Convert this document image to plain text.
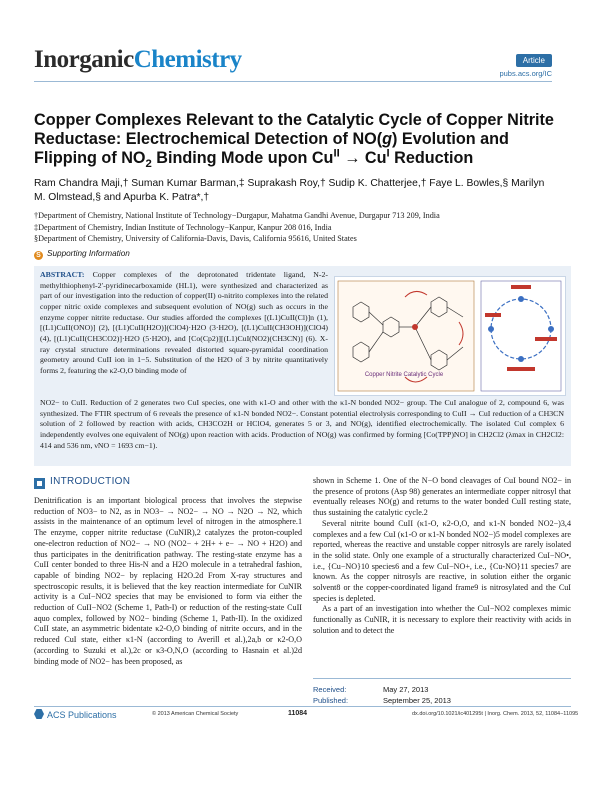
InorganicChemistry	Article
pubs.acs.org/IC
Copper Complexes Relevant to the Catalytic Cycle of Copper Nitrite Reductase: Electrochemical Detection of NO(g) Evolution and Flipping of $NO_2$ Binding Mode upon $Cu^{II} \to Cu^I$ Reduction
Ram Chandra Maji,† Suman Kumar Barman,‡ Suprakash Roy,† Sudip K. Chatterjee,† Faye L. Bowles,§ Marilyn M. Olmstead,§ and Apurba K. Patra*,†
†Department of Chemistry, National Institute of Technology−Durgapur, Mahatma Gandhi Avenue, Durgapur 713 209, India
‡Department of Chemistry, Indian Institute of Technology−Kanpur, Kanpur 208 016, India
§Department of Chemistry, University of California-Davis, Davis, California 95616, United States
S Supporting Information
ABSTRACT: Copper complexes of the deprotonated tridentate ligand, N-2-methylthiophenyl-2′-pyridinecarboxamide (HL1), were synthesized and characterized as part of our investigation into the reduction of copper(II) o-nitrito complexes into the related copper nitric oxide complexes and subsequent evolution of NO(g) such as occurs in the enzyme copper nitrite reductase. Our studies afforded the complexes [(L1)CuII(Cl)]n (1), [(L1)CuII(ONO)] (2), [(L1)CuII(H2O)](ClO4)·H2O (3·H2O), [(L1)CuII(CH3OH)](ClO4) (4), [(L1)CuII(CH3CO2)]·H2O (5·H2O), and [Co(Cp2)][(L1)CuI(NO2)(CH3CN)] (6). X-ray crystal structure determinations revealed distorted square-pyramidal coordination geometry around CuII ion in 1−5. Substitution of the H2O of 3 by nitrite quantitatively forms 2, featuring the κ2-O,O binding mode of
Copper Nitrite Catalytic Cycle
NO2− to CuII. Reduction of 2 generates two CuI species, one with κ1-O and other with the κ1-N bonded NO2− group. The CuI analogue of 2, compound 6, was synthesized. The FTIR spectrum of 6 reveals the presence of κ1-N bonded NO2−. Constant potential electrolysis corresponding to CuII → CuI reduction of a CH3CN solution of 2 followed by reaction with acids, CH3CO2H or HClO4, generates 5 or 3, and NO(g), identified electrochemically. The isolated CuI complex 6 independently evolves one equivalent of NO(g) upon reaction with acids. Production of NO(g) was confirmed by forming [Co(TPP)NO] in CH2Cl2 (λmax in CH2Cl2: 414 and 536 nm, νNO = 1693 cm−1).
INTRODUCTION

Denitrification is an important biological process that involves the stepwise reduction of NO3− to N2, as in NO3− → NO2− → NO → N2O → N2, which assists in the maintenance of an optimum level of nitrogen in the atmosphere.1 The enzyme, copper nitrite reductase (CuNIR),2 catalyzes the proton-coupled one-electron reduction of NO2− → NO (NO2− + 2H+ + e− → NO + H2O) and thus participates in the denitrification pathway. The resting-state enzyme has a CuII center bonded to three His-N and a H2O molecule in a tetrahedral fashion, capable of binding NO2− by replacing H2O.2d From X-ray structures and spectroscopic results, it is believed that the key reaction intermediate for CuNIR activity is a CuI−NO2 species that may be envisioned to form via either the reduction of CuII−NO2 (Scheme 1, Path-I) or reduction of the resting-state CuII aquo complex, followed by NO2− binding (Scheme 1, Path-II). In the oxidized CuII state, an asymmetric bidentate κ2-O,O binding of nitrite occurs, and in the reduced CuI state, either κ1-N (according to Averill et al.),2a,b or κ2-O,O (according to Suzuki et al.),2c or κ3-O,N,O (according to Hasnain et al.)2d binding mode of NO2− has been proposed, as

shown in Scheme 1. One of the N−O bond cleavages of CuI bound NO2− in the presence of protons (Asp 98) generates an intermediate copper nitrosyl that eventually releases NO(g) and returns to the water bonded CuII resting state, thus sustaining the catalytic cycle.2

Several nitrite bound CuII (κ1-O, κ2-O,O, and κ1-N bonded NO2−)3,4 complexes and a few CuI (κ1-O or κ1-N bonded NO2−)5 model complexes are reported, whereas the reactive and unstable copper nitrosyls are rarely isolated in the solid state. Only one example of a structurally characterized CuI−NO•, i.e., {Cu−NO}10 species6 and a few CuI−NO+, i.e., {Cu-NO}11 species7 are known. As the copper nitrosyls are reactive, in solution either the organic solvent8 or the copper-coordinated ligand frame9 is nitrosylated and the CuI species is depleted.

As a part of an investigation into whether the CuI−NO2 complexes mimic functionally as CuNIR, it is necessary to explore their reactivity with acids in solution and to detect the

Received:	May 27, 2013
Published:	September 25, 2013
ACS Publications	© 2013 American Chemical Society	11084	dx.doi.org/10.1021/ic401295t | Inorg. Chem. 2013, 52, 11084−11095
